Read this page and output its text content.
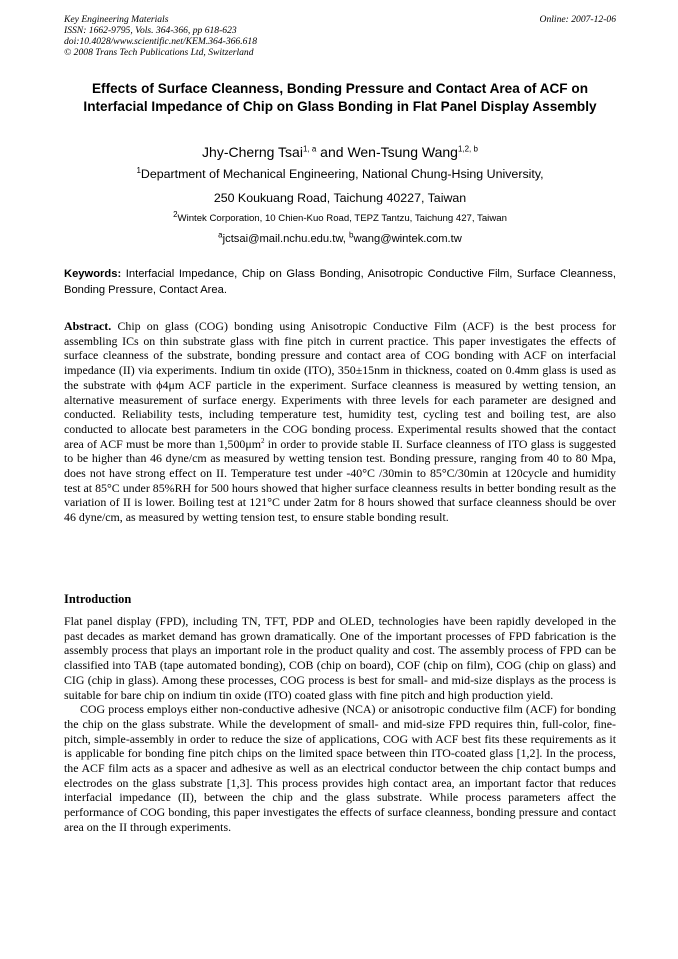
Key Engineering Materials
ISSN: 1662-9795, Vols. 364-366, pp 618-623
doi:10.4028/www.scientific.net/KEM.364-366.618
© 2008 Trans Tech Publications Ltd, Switzerland
Online: 2007-12-06
Effects of Surface Cleanness, Bonding Pressure and Contact Area of ACF on Interfacial Impedance of Chip on Glass Bonding in Flat Panel Display Assembly
Jhy-Cherng Tsai$^{1, a}$ and Wen-Tsung Wang$^{1,2, b}$
$^1$Department of Mechanical Engineering, National Chung-Hsing University,
250 Koukuang Road, Taichung 40227, Taiwan
$^2$Wintek Corporation, 10 Chien-Kuo Road, TEPZ Tantzu, Taichung 427, Taiwan
$^a$jctsai@mail.nchu.edu.tw, $^b$wang@wintek.com.tw
Keywords: Interfacial Impedance, Chip on Glass Bonding, Anisotropic Conductive Film, Surface Cleanness, Bonding Pressure, Contact Area.
Abstract. Chip on glass (COG) bonding using Anisotropic Conductive Film (ACF) is the best process for assembling ICs on thin substrate glass with fine pitch in current practice. This paper investigates the effects of surface cleanness of the substrate, bonding pressure and contact area of COG bonding with ACF on interfacial impedance (II) via experiments. Indium tin oxide (ITO), 350±15nm in thickness, coated on 0.4mm glass is used as the substrate with ϕ4μm ACF particle in the experiment. Surface cleanness is measured by wetting tension, an alternative measurement of surface energy. Experiments with three levels for each parameter are designed and conducted. Reliability tests, including temperature test, humidity test, cycling test and boiling test, are also conducted to allocate best parameters in the COG bonding process. Experimental results showed that the contact area of ACF must be more than $1,500\mu m^2$ in order to provide stable II. Surface cleanness of ITO glass is suggested to be higher than 46 dyne/cm as measured by wetting tension test. Bonding pressure, ranging from 40 to 80 Mpa, does not have strong effect on II. Temperature test under -40°C /30min to 85°C/30min at 120cycle and humidity test at 85°C under 85%RH for 500 hours showed that higher surface cleanness results in better bonding result as the variation of II is lower. Boiling test at 121°C under 2atm for 8 hours showed that surface cleanness should be over 46 dyne/cm, as measured by wetting tension test, to ensure stable bonding result.
Introduction

Flat panel display (FPD), including TN, TFT, PDP and OLED, technologies have been rapidly developed in the past decades as market demand has grown dramatically. One of the important processes of FPD fabrication is the assembly process that plays an important role in the product quality and cost. The assembly process of FPD can be classified into TAB (tape automated bonding), COB (chip on board), COF (chip on film), COG (chip on glass) and CIG (chip in glass). Among these processes, COG process is best for small- and mid-size displays as the process is suitable for bare chip on indium tin oxide (ITO) coated glass with fine pitch and high production yield.

COG process employs either non-conductive adhesive (NCA) or anisotropic conductive film (ACF) for bonding the chip on the glass substrate. While the development of small- and mid-size FPD requires thin, full-color, fine-pitch, simple-assembly in order to reduce the size of applications, COG with ACF best fits these requirements as it is applicable for bonding fine pitch chips on the limited space between thin ITO-coated glass [1,2]. In the process, the ACF film acts as a spacer and adhesive as well as an electrical conductor between the chip contact bumps and electrodes on the glass substrate [1,3]. This process provides high contact area, an important factor that reduces interfacial impedance (II), between the chip and the glass substrate. While process parameters affect the performance of COG bonding, this paper investigates the effects of surface cleanness, bonding pressure and contact area on the II through experiments.
